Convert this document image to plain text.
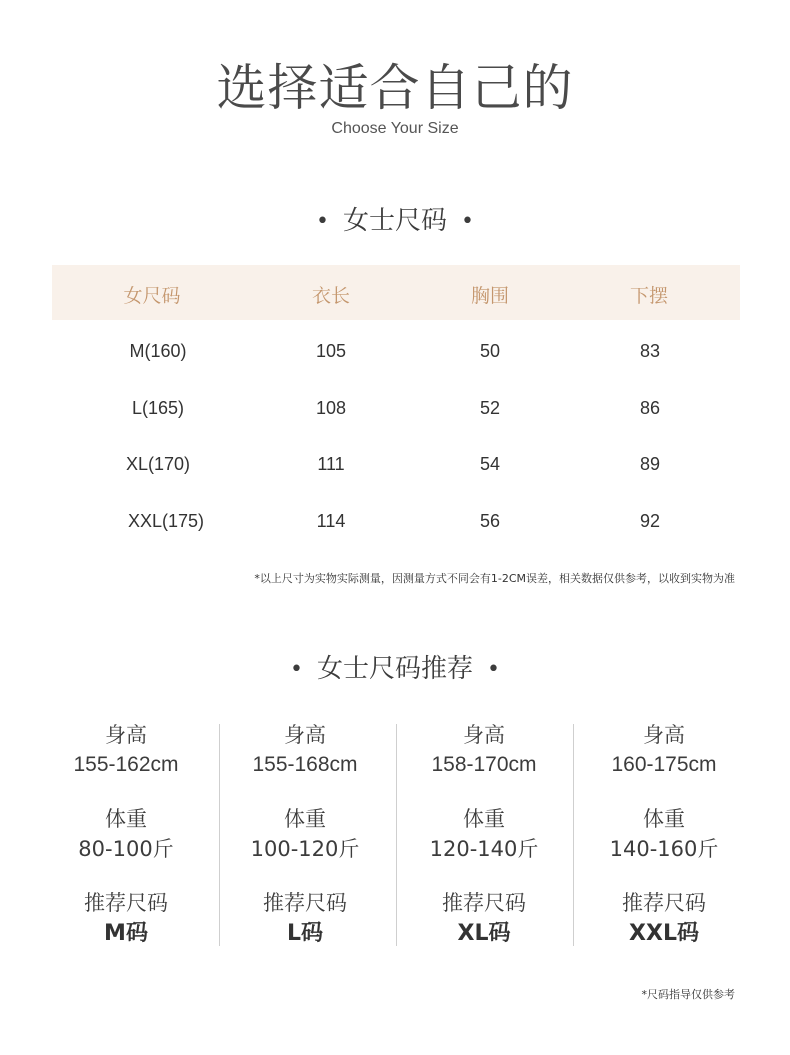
选择适合自己的
Choose Your Size
• 女士尺码 •
女尺码	衣长	胸围	下摆
M(160)	105	50	83
L(165)	108	52	86
XL(170)	111	54	89
XXL(175)	114	56	92
*以上尺寸为实物实际测量，因测量方式不同会有1-2CM误差，相关数据仅供参考，以收到实物为准
• 女士尺码推荐 •
身高
155-162cm
体重
80-100斤
推荐尺码
M码
身高
155-168cm
体重
100-120斤
推荐尺码
L码
身高
158-170cm
体重
120-140斤
推荐尺码
XL码
身高
160-175cm
体重
140-160斤
推荐尺码
XXL码
*尺码指导仅供参考
